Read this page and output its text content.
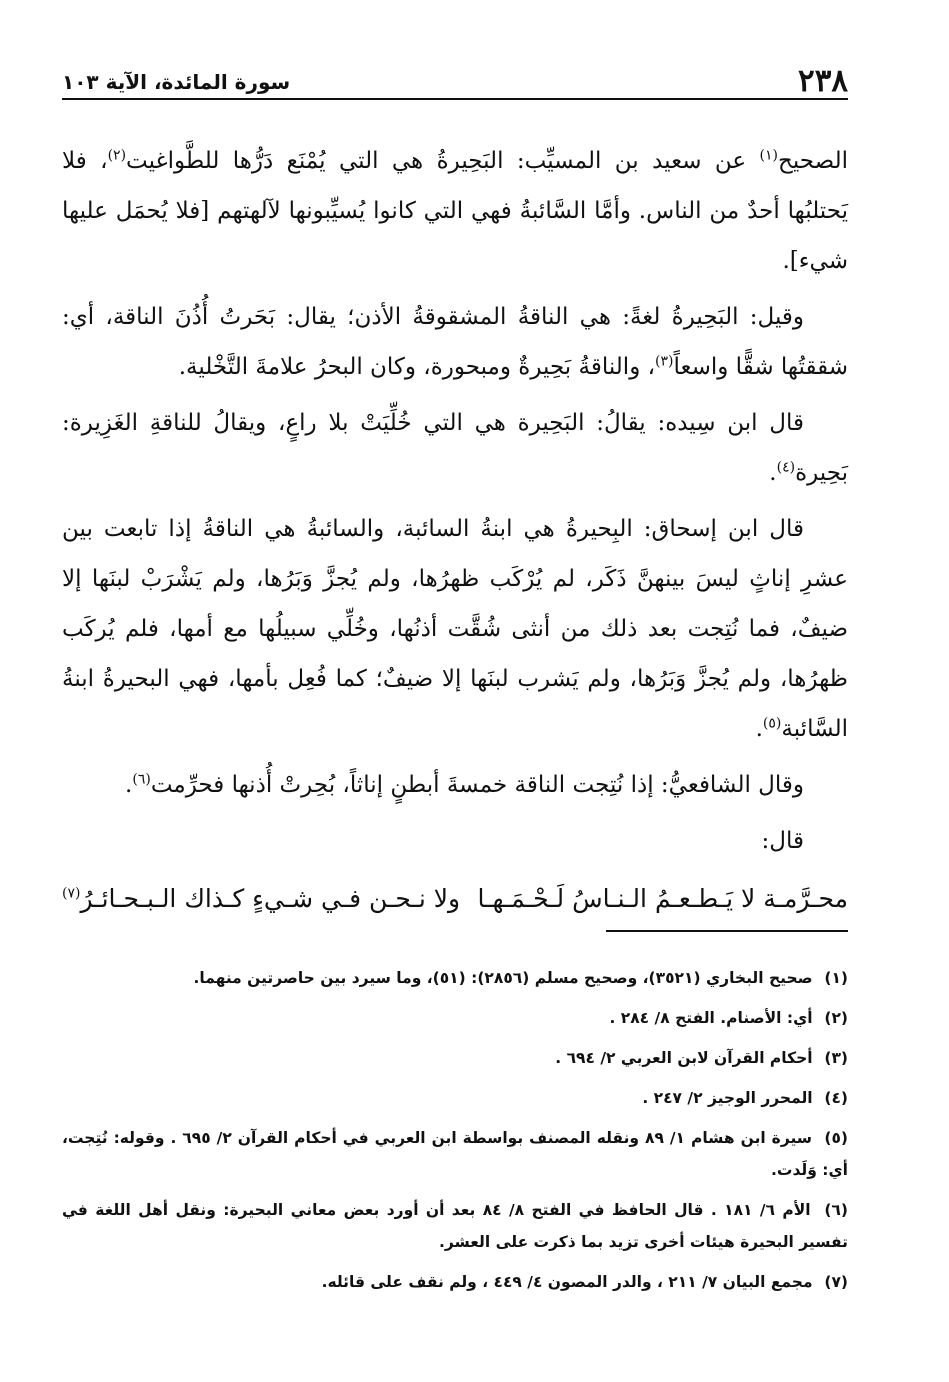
٢٣٨
سورة المائدة، الآية ١٠٣

الصحيح$^{(١)}$ عن سعيد بن المسيِّب: البَحِيرةُ هي التي يُمْنَع دَرُّها للطَّواغيت$^{(٢)}$، فلا يَحتلبُها أحدٌ من الناس. وأمَّا السَّائبةُ فهي التي كانوا يُسيِّبونها لآلهتهم [فلا يُحمَل عليها شيء].

وقيل: البَحِيرةُ لغةً: هي الناقةُ المشقوقةُ الأذن؛ يقال: بَحَرتُ أُذُنَ الناقة، أي: شققتُها شقًّا واسعاً$^{(٣)}$، والناقةُ بَحِيرةٌ ومبحورة، وكان البحرُ علامةَ التَّخْلية.

قال ابن سِيده: يقالُ: البَحِيرة هي التي خُلِّيَتْ بلا راعٍ، ويقالُ للناقةِ الغَزِيرة: بَحِيرة$^{(٤)}$.

قال ابن إسحاق: البِحيرةُ هي ابنةُ السائبة، والسائبةُ هي الناقةُ إذا تابعت بين عشرِ إناثٍ ليسَ بينهنَّ ذَكَر، لم يُرْكَب ظهرُها، ولم يُجزَّ وَبَرُها، ولم يَشْرَبْ لبنَها إلا ضيفٌ، فما نُتِجت بعد ذلك من أنثى شُقَّت أذنُها، وخُلِّي سبيلُها مع أمها، فلم يُركَب ظهرُها، ولم يُجزَّ وَبَرُها، ولم يَشرب لبنَها إلا ضيفٌ؛ كما فُعِل بأمها، فهي البحيرةُ ابنةُ السَّائبة$^{(٥)}$.

وقال الشافعيُّ: إذا نُتِجت الناقة خمسةَ أبطنٍ إناثاً، بُحِرتْ أُذنها فحرِّمت$^{(٦)}$.

قال:

محـرَّمـة لا يَـطـعـمُ الـنـاسُ لَـحْـمَـهـا
ولا نـحـن فـي شـيءٍ كـذاك الـبـحـائـرُ$^{(٧)}$

(١) صحيح البخاري (٣٥٢١)، وصحيح مسلم (٢٨٥٦): (٥١)، وما سيرد بين حاصرتين منهما.

(٢) أي: الأصنام. الفتح ٨/ ٢٨٤ .

(٣) أحكام القرآن لابن العربي ٢/ ٦٩٤ .

(٤) المحرر الوجيز ٢/ ٢٤٧ .

(٥) سيرة ابن هشام ١/ ٨٩ ونقله المصنف بواسطة ابن العربي في أحكام القرآن ٢/ ٦٩٥ . وقوله: نُتِجت، أي: وَلَدت.

(٦) الأم ٦/ ١٨١ . قال الحافظ في الفتح ٨/ ٨٤ بعد أن أورد بعض معاني البحيرة: ونقل أهل اللغة في تفسير البحيرة هيئات أخرى تزيد بما ذكرت على العشر.

(٧) مجمع البيان ٧/ ٢١١ ، والدر المصون ٤/ ٤٤٩ ، ولم نقف على قائله.
